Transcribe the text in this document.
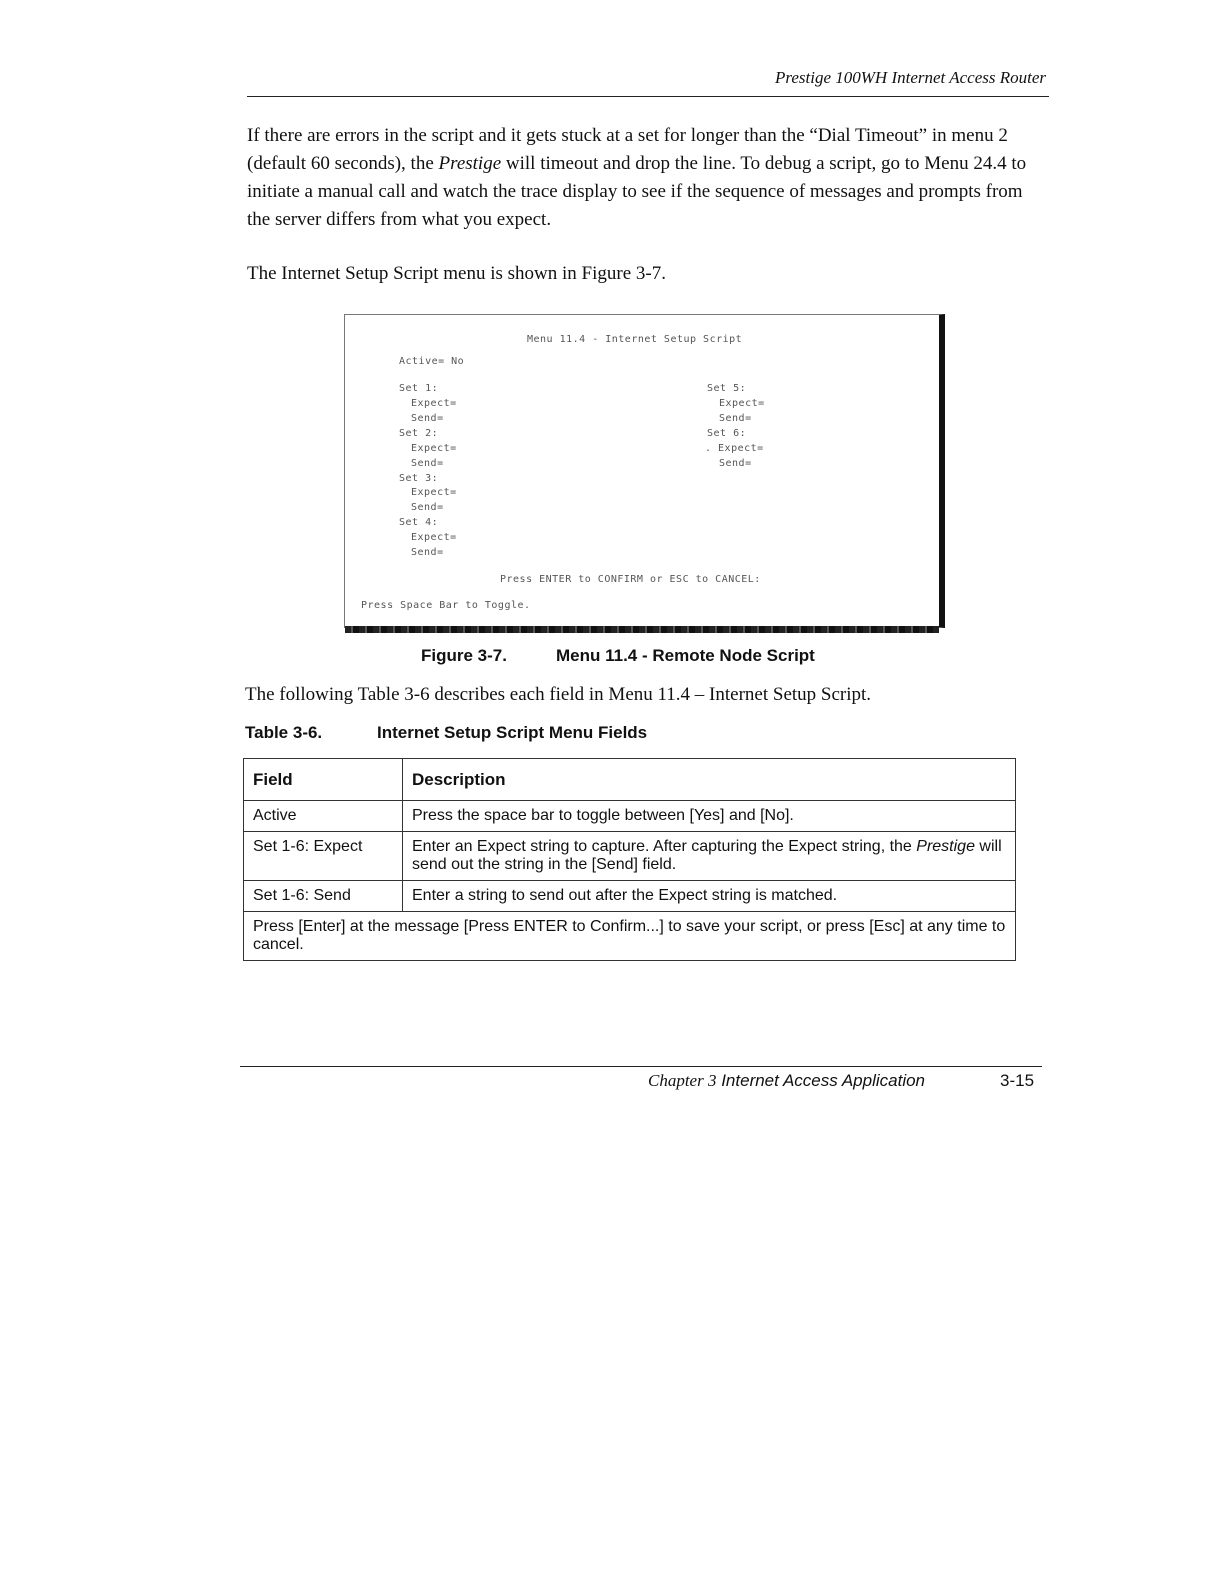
Prestige 100WH Internet Access Router
If there are errors in the script and it gets stuck at a set for longer than the “Dial Timeout” in menu 2 (default 60 seconds), the Prestige will timeout and drop the line. To debug a script, go to Menu 24.4 to initiate a manual call and watch the trace display to see if the sequence of messages and prompts from the server differs from what you expect.
The Internet Setup Script menu is shown in Figure 3-7.
Menu 11.4 - Internet Setup Script
Active= No
Set 1:
Expect=
Send=
Set 2:
Expect=
Send=
Set 3:
Expect=
Send=
Set 4:
Expect=
Send=
Set 5:
Expect=
Send=
Set 6:
. Expect=
Send=
Press ENTER to CONFIRM or ESC to CANCEL:
Press Space Bar to Toggle.
Figure 3-7.	Menu 11.4 - Remote Node Script
The following Table 3-6 describes each field in Menu 11.4 – Internet Setup Script.
Table 3-6.	Internet Setup Script Menu Fields
Field	Description
Active	Press the space bar to toggle between [Yes] and [No].
Set 1-6: Expect	Enter an Expect string to capture. After capturing the Expect string, the Prestige will send out the string in the [Send] field.
Set 1-6: Send	Enter a string to send out after the Expect string is matched.
Press [Enter] at the message [Press ENTER to Confirm...] to save your script, or press [Esc] at any time to cancel.	
Chapter 3 Internet Access Application	3-15
